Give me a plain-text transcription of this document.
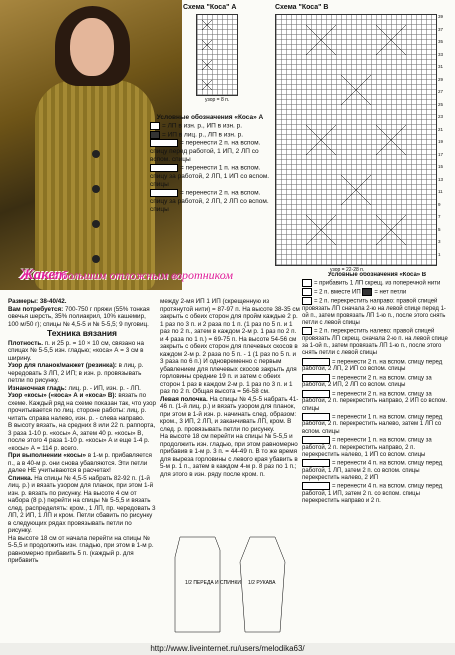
Жакет с большим отложным воротником
Схема "Коса" А
узор = 8 п.
Условные обозначения «Коса» А
= ЛП в изн. р., ИП в изн. р.
= ИП в лиц. р., ЛП в изн. р.
= перенести 2 п. на вспом. спицу перед работой, 1 ИП, 2 ЛП со вспом. спицы
= перенести 1 п. на вспом. спицу за работой, 2 ЛП, 1 ИП со вспом. спицы
= перенести 2 п. на вспом. спицу за работой, 2 ЛП, 2 ЛП со вспом. спицы
Схема "Коса" В
39
37
35
33
31
29
27
25
23
21
19
17
15
13
11
9
7
5
3
1
узор = 22-28 п.
Размеры: 38-40/42.
Вам потребуется: 700-750 г пряжи (55% тонкая овечья шерсть, 35% полиакрил, 10% кашемир, 100 м/50 г); спицы № 4,5-5 и № 5-5,5; 9 пуговиц.
Техника вязания
Плотность. п. и 25 р. = 10 × 10 см, связано на спицах № 5-5,5 изн. гладью; «коса» А = 3 см в ширину.
Узор для планок/манжет (резинка): в лиц. р. чередовать 3 ЛП, 2 ИП; в изн. р. провязывать петли по рисунку.
Изнаночная гладь: лиц. р. - ИП, изн. р. - ЛП.
Узор «косы» («коса» А и «коса» В): вязать по схеме. Каждый ряд на схеме показан так, что узор прочитывается по лиц. стороне работы: лиц. р. читать справа налево, изн. р. - слева направо.
В высоту вязать, на средних 8 или 22 п. раппорта, 3 раза 1-10 р. «косы» А, затем 40 р. «косы» В, после этого 4 раза 1-10 р. «косы» А и еще 1-4 р. «косы» А = 114 р. всего.
При выполнении «косы» в 1-м р. прибавляется п., а в 40-м р. они снова убавляются. Эти петли далее НЕ учитываются в расчетах!
Спинка. На спицы № 4,5-5 набрать 82-92 п. (1-й лиц. р.) и вязать узором для планок, при этом 1-й изн. р. вязать по рисунку. На высоте 4 см от набора (8 р.) перейти на спицы № 5-5,5 и вязать след. распределять: кром., 1 ЛП, пр. чередовать 3 ЛП, 2 ИП, 1 ЛП и кром. Петли сбавить по рисунку в следующих рядах провязывать петли по рисунку.
На высоте 18 см от начала перейти на спицы № 5-5,5 и продолжить изн. гладью, при этом в 1-м р. равномерно прибавить 5 п. (каждый р. для прибавить
между 2-мя ИП 1 ИП (скрещенную из протянутой нити) = 87-97 п. На высоте 38-35 см закрыть с обеих сторон для пройм каждые 2 р. 1 раз по 3 п. и 2 раза по 1 п. (1 раз по 5 п. и 1 раз по 2 п., затем в каждом 2-м р. 1 раз по 2 п. и 4 раза по 1 п.) = 69-75 п. На высоте 54-56 см закрыть с обеих сторон для плечевых скосов в каждом 2-м р. 2 раза по 5 п. - 1 (1 раз по 5 п. и 3 раза по 6 п.) И одновременно с первым убавлением для плечевых скосов закрыть для горловины средние 19 п. и затем с обеих сторон 1 раз в каждом 2-м р. 1 раз по 3 п. и 1 раз по 2 п. Общая высота = 56-58 см.
Левая полочка. На спицы № 4,5-5 набрать 41-46 п. (1-й лиц. р.) и вязать узором для планок, при этом в 1-й изн. р. начинать след. образом: кром., 3 ИП, 2 ЛП, и заканчивать ЛП, кром. В след. р. провязывать петли по рисунку.
На высоте 18 см перейти на спицы № 5-5,5 и продолжить изн. гладью, при этом равномерно прибавив в 1-м р. 3 п. = 44-49 п. В то же время для выреза горловины с левого края убавить в 5-м р. 1 п., затем в каждом 4-м р. 8 раз по 1 п.; для этого в изн. ряду после кром. п.
1/2 ПЕРЕДА И СПИНКИ 1/2 РУКАВА
Условные обозначения «Коса» В
= прибавить 1 ЛП скрещ. из поперечной нити
= 2 п. вместе ИП = нет петли
= 2 п. перекрестить направо: правой спицей провязать ЛП сначала 2-ю на левой спице перед 1-ой п., затем провязать ЛП 1-ю п., после этого снять петли с левой спицы
= 2 п. перекрестить налево: правой спицей провязать ЛП скрещ. сначала 2-ю п. на левой спице за 1-ой п., затем провязать ЛП 1-ю п., после этого снять петли с левой спицы
= перенести 2 п. на вспом. спицу перед работой, 2 ЛП, 2 ИП со вспом. спицы
= перенести 2 п. на вспом. спицу за работой, 2 ИП, 2 ЛП со вспом. спицы
= перенести 2 п. на вспом. спицу за работой, 2 п. перекрестить направо, 2 ИП со вспом. спицы
= перенести 1 п. на вспом. спицу перед работой, 2 п. перекрестить налево, затем 1 ЛП со вспом. спицы
= перенести 1 п. на вспом. спицу за работой, 2 п. перекрестить направо, 2 п. перекрестить налево, 1 ИП со вспом. спицы
= перенести 4 п. на вспом. спицу перед работой, 1 ЛП, затем 2 п. со вспом. спицы перекрестить налево, 2 ИП
= перенести 4 п. на вспом. спицу перед работой, 1 ИП, затем 2 п. со вспом. спицы перекрестить направо и 2 п.
http://www.liveinternet.ru/users/melodika63/
